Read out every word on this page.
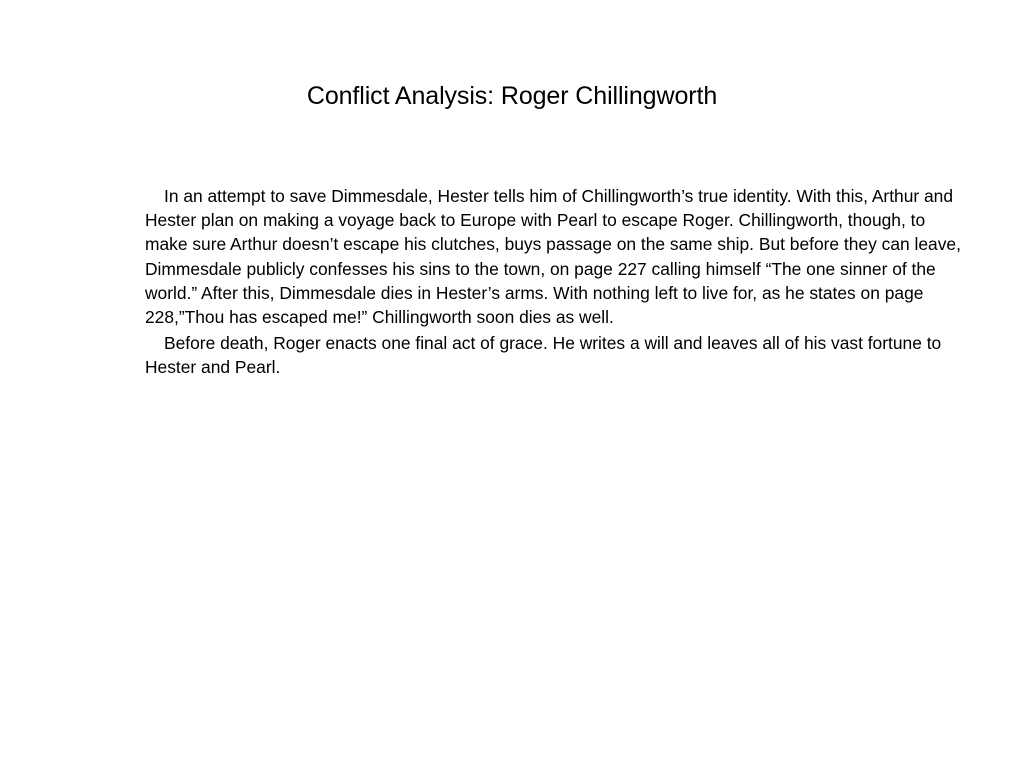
Conflict Analysis: Roger Chillingworth

In an attempt to save Dimmesdale, Hester tells him of Chillingworth’s true identity. With this, Arthur and Hester plan on making a voyage back to Europe with Pearl to escape Roger. Chillingworth, though, to make sure Arthur doesn’t escape his clutches, buys passage on the same ship. But before they can leave, Dimmesdale publicly confesses his sins to the town, on page 227 calling himself “The one sinner of the world.” After this, Dimmesdale dies in Hester’s arms. With nothing left to live for, as he states on page 228,”Thou has escaped me!” Chillingworth soon dies as well.

Before death, Roger enacts one final act of grace. He writes a will and leaves all of his vast fortune to Hester and Pearl.
